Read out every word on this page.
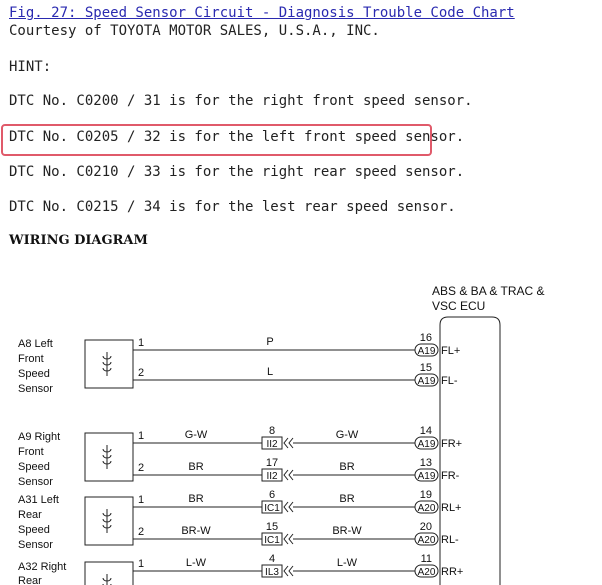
Fig. 27: Speed Sensor Circuit - Diagnosis Trouble Code Chart
Courtesy of TOYOTA MOTOR SALES, U.S.A., INC.
HINT:
DTC No. C0200 / 31 is for the right front speed sensor.
DTC No. C0205 / 32 is for the left front speed sensor.
DTC No. C0210 / 33 is for the right rear speed sensor.
DTC No. C0215 / 34 is for the lest rear speed sensor.
WIRING DIAGRAM
ABS & BA & TRAC &
VSC ECU
A8 Left
Front
Speed
Sensor
A9 Right
Front
Speed
Sensor
A31 Left
Rear
Speed
Sensor
A32 Right
Rear
1	P
A19
16
FL+
2	L
A19
15
FL-
1	G-W
II2
8	G-W
A19
14
FR+
2	BR
II2
17	BR
A19
13
FR-
1	BR
IC1
6	BR
A20
19
RL+
2	BR-W
IC1
15	BR-W
A20
20
RL-
1	L-W
IL3
4	L-W
A20
11
RR+
